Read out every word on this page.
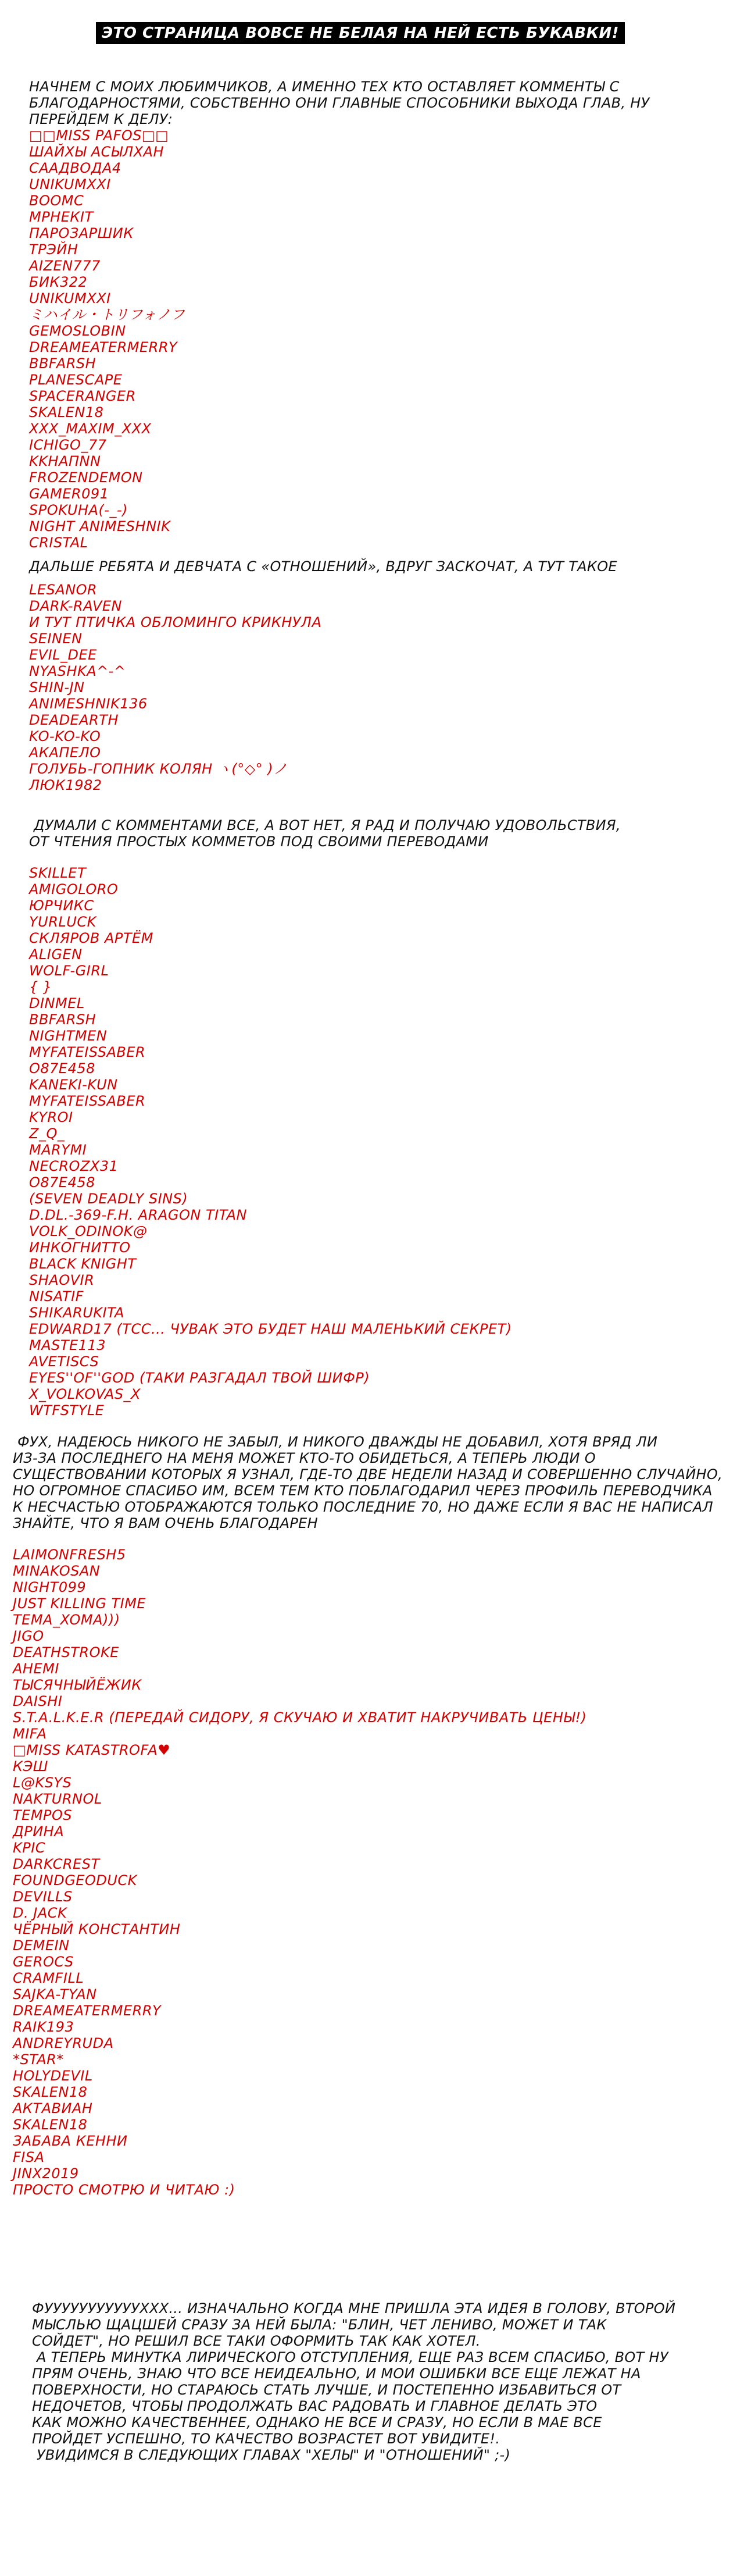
ЭТО СТРАНИЦА ВОВСЕ НЕ БЕЛАЯ НА НЕЙ ЕСТЬ БУКАВКИ!

НАЧНЕМ С МОИХ ЛЮБИМЧИКОВ, А ИМЕННО ТЕХ КТО ОСТАВЛЯЕТ КОММЕНТЫ С БЛАГОДАРНОСТЯМИ, СОБСТВЕННО ОНИ ГЛАВНЫЕ СПОСОБНИКИ ВЫХОДА ГЛАВ, НУ ПЕРЕЙДЕМ К ДЕЛУ:

□□MISS PAFOS□□
ШАЙХЫ АСЫЛХАН
СААДВОДА4
UNIKUMXXI
BOOMC
MРНЕКІТ
ПАРОЗАРШИК
ТРЭЙН
AIZEN777
БИК322
UNIKUMXXI
ミハイル・トリフォノフ
GEMOSLOBIN
DREAMEATERMERRY
BBFARSH
PLANESCAPE
SPACERANGER
SKALEN18
XXX_MAXIM_XXX
ICHIGO_77
KKHAПNN
FROZENDEMON
GAMER091
SPOKUHA(-_-)
NIGHT ANIMESHNIK
CRISTAL

ДАЛЬШЕ РЕБЯТА И ДЕВЧАТА С «ОТНОШЕНИЙ», ВДРУГ ЗАСКОЧАТ, А ТУТ ТАКОЕ

LESANOR
DARK-RAVEN
И ТУТ ПТИЧКА ОБЛОМИНГО КРИКНУЛА
SEINEN
EVIL_DEE
NYASHKA^-^
SHIN-JN
ANIMESHNIK136
DEADEARTH
KO-KO-KO
АКАПЕЛО
ГОЛУБЬ-ГОПНИК КОЛЯН ヽ(°◇° )ノ
ЛЮК1982

ДУМАЛИ С КОММЕНТАМИ ВСЕ, А ВОТ НЕТ, Я РАД И ПОЛУЧАЮ УДОВОЛЬСТВИЯ,
ОТ ЧТЕНИЯ ПРОСТЫХ КОММЕТОВ ПОД СВОИМИ ПЕРЕВОДАМИ

SKILLET
AMIGOLORO
ЮРЧИКС
YURLUCK
СКЛЯРОВ АРТЁМ
ALIGEN
WOLF-GIRL
{ }
DINMEL
BBFARSH
NIGHTMEN
MYFATEISSABER
O87E458
KANEKI-KUN
MYFATEISSABER
KYROI
Z_Q_
MARYMI
NECROZX31
O87E458
(SEVEN DEADLY SINS)
D.DL.-369-F.H. ARAGON TITAN
VOLK_ODINOK@
ИНКОГНИТТО
BLACK KNIGHT
SHAOVIR
NISATIF
SHIKARUKITA
EDWARD17 (ТСС... ЧУВАК ЭТО БУДЕТ НАШ МАЛЕНЬКИЙ СЕКРЕТ)
MASTE113
AVETISCS
EYES''OF''GOD (ТАКИ РАЗГАДАЛ ТВОЙ ШИФР)
X_VOLKOVAS_X
WTFSTYLE

ФУХ, НАДЕЮСЬ НИКОГО НЕ ЗАБЫЛ, И НИКОГО ДВАЖДЫ НЕ ДОБАВИЛ, ХОТЯ ВРЯД ЛИ
ИЗ-ЗА ПОСЛЕДНЕГО НА МЕНЯ МОЖЕТ КТО-ТО ОБИДЕТЬСЯ, А ТЕПЕРЬ ЛЮДИ О
СУЩЕСТВОВАНИИ КОТОРЫХ Я УЗНАЛ, ГДЕ-ТО ДВЕ НЕДЕЛИ НАЗАД И СОВЕРШЕННО СЛУЧАЙНО,
НО ОГРОМНОЕ СПАСИБО ИМ, ВСЕМ ТЕМ КТО ПОБЛАГОДАРИЛ ЧЕРЕЗ ПРОФИЛЬ ПЕРЕВОДЧИКА
К НЕСЧАСТЬЮ ОТОБРАЖАЮТСЯ ТОЛЬКО ПОСЛЕДНИЕ 70, НО ДАЖЕ ЕСЛИ Я ВАС НЕ НАПИСАЛ
ЗНАЙТЕ, ЧТО Я ВАМ ОЧЕНЬ БЛАГОДАРЕН

LAIMONFRESH5
MINAKOSAN
NIGHT099
JUST KILLING TIME
TEMA_XOMA)))
JIGO
DEATHSTROKE
AHEMI
ТЫСЯЧНЫЙЁЖИК
DAISHI
S.T.A.L.K.E.R (ПЕРЕДАЙ СИДОРУ, Я СКУЧАЮ И ХВАТИТ НАКРУЧИВАТЬ ЦЕНЫ!)
MIFA
□MISS KATASTROFA♥
КЭШ
L@KSYS
NAKTURNOL
TEMPOS
ДРИНА
KPIC
DARKCREST
FOUNDGEODUCK
DEVILLS
D. JACK
ЧЁРНЫЙ КОНСТАНТИН
DEMEIN
GEROCS
CRAMFILL
SAJKA-TYAN
DREAMEATERMERRY
RAIK193
ANDREYRUDA
*STAR*
HOLYDEVIL
SKALEN18
АКТАВИАН
SKALEN18
ЗАБАВА КЕННИ
FISA
JINX2019
ПРОСТО СМОТРЮ И ЧИТАЮ :)

ФУУУУУУУУУУУХХХ... ИЗНАЧАЛЬНО КОГДА МНЕ ПРИШЛА ЭТА ИДЕЯ В ГОЛОВУ, ВТОРОЙ
МЫСЛЬЮ ЩАЦШЕЙ СРАЗУ ЗА НЕЙ БЫЛА: "БЛИН, ЧЕТ ЛЕНИВО, МОЖЕТ И ТАК
СОЙДЕТ", НО РЕШИЛ ВСЕ ТАКИ ОФОРМИТЬ ТАК КАК ХОТЕЛ.
А ТЕПЕРЬ МИНУТКА ЛИРИЧЕСКОГО ОТСТУПЛЕНИЯ, ЕЩЕ РАЗ ВСЕМ СПАСИБО, ВОТ НУ
ПРЯМ ОЧЕНЬ, ЗНАЮ ЧТО ВСЕ НЕИДЕАЛЬНО, И МОИ ОШИБКИ ВСЕ ЕЩЕ ЛЕЖАТ НА
ПОВЕРХНОСТИ, НО СТАРАЮСЬ СТАТЬ ЛУЧШЕ, И ПОСТЕПЕННО ИЗБАВИТЬСЯ ОТ
НЕДОЧЕТОВ, ЧТОБЫ ПРОДОЛЖАТЬ ВАС РАДОВАТЬ И ГЛАВНОЕ ДЕЛАТЬ ЭТО
КАК МОЖНО КАЧЕСТВЕННЕЕ, ОДНАКО НЕ ВСЕ И СРАЗУ, НО ЕСЛИ В МАЕ ВСЕ
ПРОЙДЕТ УСПЕШНО, ТО КАЧЕСТВО ВОЗРАСТЕТ ВОТ УВИДИТЕ!.
УВИДИМСЯ В СЛЕДУЮЩИХ ГЛАВАХ "ХЕЛЫ" И "ОТНОШЕНИЙ" ;-)
